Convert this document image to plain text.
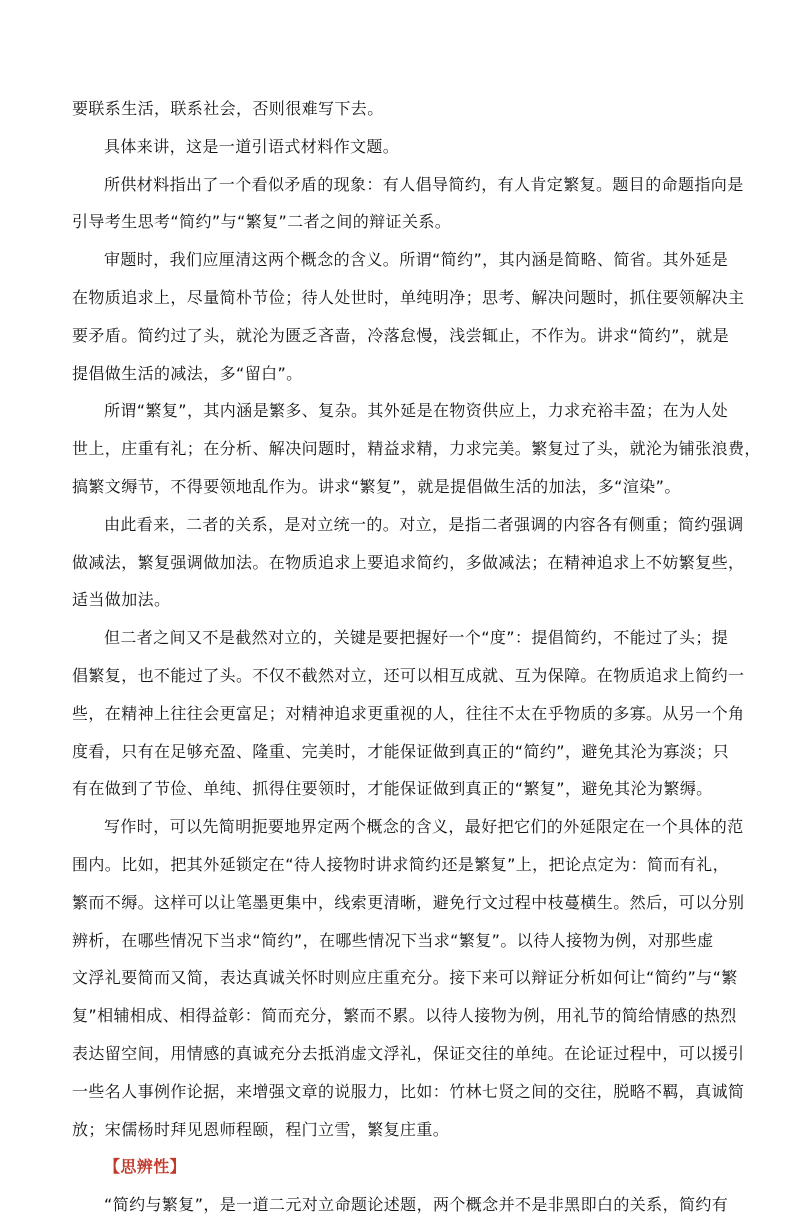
要联系生活，联系社会，否则很难写下去。
具体来讲，这是一道引语式材料作文题。
所供材料指出了一个看似矛盾的现象：有人倡导简约，有人肯定繁复。题目的命题指向是
引导考生思考“简约”与“繁复”二者之间的辩证关系。
审题时，我们应厘清这两个概念的含义。所谓“简约”，其内涵是简略、简省。其外延是
在物质追求上，尽量简朴节俭；待人处世时，单纯明净；思考、解决问题时，抓住要领解决主
要矛盾。简约过了头，就沦为匮乏吝啬，冷落怠慢，浅尝辄止，不作为。讲求“简约”，就是
提倡做生活的减法，多“留白”。
所谓“繁复”，其内涵是繁多、复杂。其外延是在物资供应上，力求充裕丰盈；在为人处
世上，庄重有礼；在分析、解决问题时，精益求精，力求完美。繁复过了头，就沦为铺张浪费，
搞繁文缛节，不得要领地乱作为。讲求“繁复”，就是提倡做生活的加法，多“渲染”。
由此看来，二者的关系，是对立统一的。对立，是指二者强调的内容各有侧重；简约强调
做减法，繁复强调做加法。在物质追求上要追求简约，多做减法；在精神追求上不妨繁复些，
适当做加法。
但二者之间又不是截然对立的，关键是要把握好一个“度”：提倡简约，不能过了头；提
倡繁复，也不能过了头。不仅不截然对立，还可以相互成就、互为保障。在物质追求上简约一
些，在精神上往往会更富足；对精神追求更重视的人，往往不太在乎物质的多寡。从另一个角
度看，只有在足够充盈、隆重、完美时，才能保证做到真正的“简约”，避免其沦为寡淡；只
有在做到了节俭、单纯、抓得住要领时，才能保证做到真正的“繁复”，避免其沦为繁缛。
写作时，可以先简明扼要地界定两个概念的含义，最好把它们的外延限定在一个具体的范
围内。比如，把其外延锁定在“待人接物时讲求简约还是繁复”上，把论点定为：简而有礼，
繁而不缛。这样可以让笔墨更集中，线索更清晰，避免行文过程中枝蔓横生。然后，可以分别
辨析，在哪些情况下当求“简约”，在哪些情况下当求“繁复”。以待人接物为例，对那些虚
文浮礼要简而又简，表达真诚关怀时则应庄重充分。接下来可以辩证分析如何让“简约”与“繁
复”相辅相成、相得益彰：简而充分，繁而不累。以待人接物为例，用礼节的简给情感的热烈
表达留空间，用情感的真诚充分去抵消虚文浮礼，保证交往的单纯。在论证过程中，可以援引
一些名人事例作论据，来增强文章的说服力，比如：竹林七贤之间的交往，脱略不羁，真诚简
放；宋儒杨时拜见恩师程颐，程门立雪，繁复庄重。
【思辨性】
“简约与繁复”，是一道二元对立命题论述题，两个概念并不是非黑即白的关系，简约有
